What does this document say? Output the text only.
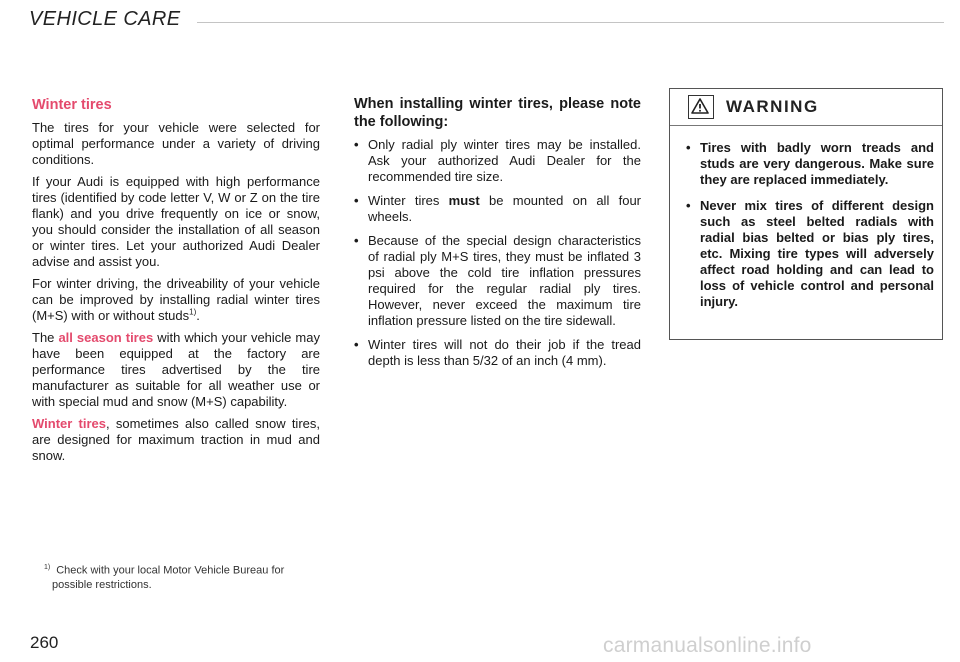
VEHICLE CARE
Winter tires

The tires for your vehicle were selected for optimal performance under a variety of driving conditions.

If your Audi is equipped with high performance tires (identified by code letter V, W or Z on the tire flank) and you drive frequently on ice or snow, you should consider the installation of all season or winter tires. Let your authorized Audi Dealer advise and assist you.

For winter driving, the driveability of your vehicle can be improved by installing radial winter tires (M+S) with or without studs$^{1)}$.

The all season tires with which your vehicle may have been equipped at the factory are performance tires advertised by the tire manufacturer as suitable for all weather use or with special mud and snow (M+S) capability.

Winter tires, sometimes also called snow tires, are designed for maximum traction in mud and snow.

$^{1)}$ Check with your local Motor Vehicle Bureau for possible restrictions.
260
When installing winter tires, please note the following:
• Only radial ply winter tires may be installed. Ask your authorized Audi Dealer for the recommended tire size.
• Winter tires must be mounted on all four wheels.
• Because of the special design characteristics of radial ply M+S tires, they must be inflated 3 psi above the cold tire inflation pressures required for the regular radial ply tires. However, never exceed the maximum tire inflation pressure listed on the tire sidewall.
• Winter tires will not do their job if the tread depth is less than 5/32 of an inch (4 mm).
WARNING
• Tires with badly worn treads and studs are very dangerous. Make sure they are replaced immediately.
• Never mix tires of different design such as steel belted radials with radial bias belted or bias ply tires, etc. Mixing tire types will adversely affect road holding and can lead to loss of vehicle control and personal injury.
carmanualsonline.info
